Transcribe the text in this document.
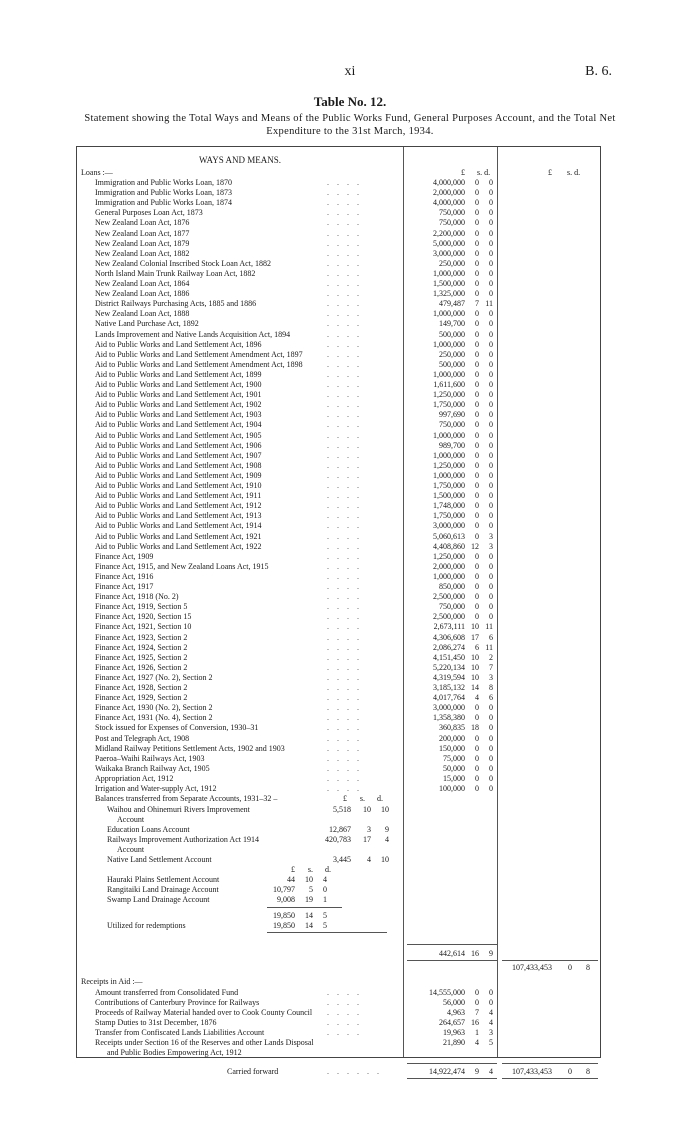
xi	B. 6.
Table No. 12.
Statement showing the Total Ways and Means of the Public Works Fund, General Purposes Account, and the Total Net Expenditure to the 31st March, 1934.
WAYS AND MEANS.
Loans :—	£ s. d.	£ s. d.
Immigration and Public Works Loan, 1870	. . . .	4,000,000	0	0
Immigration and Public Works Loan, 1873	. . . .	2,000,000	0	0
Immigration and Public Works Loan, 1874	. . . .	4,000,000	0	0
General Purposes Loan Act, 1873	. . . .	750,000	0	0
New Zealand Loan Act, 1876	. . . .	750,000	0	0
New Zealand Loan Act, 1877	. . . .	2,200,000	0	0
New Zealand Loan Act, 1879	. . . .	5,000,000	0	0
New Zealand Loan Act, 1882	. . . .	3,000,000	0	0
New Zealand Colonial Inscribed Stock Loan Act, 1882	. . . .	250,000	0	0
North Island Main Trunk Railway Loan Act, 1882	. . . .	1,000,000	0	0
New Zealand Loan Act, 1864	. . . .	1,500,000	0	0
New Zealand Loan Act, 1886	. . . .	1,325,000	0	0
District Railways Purchasing Acts, 1885 and 1886	. . . .	479,487	7 11
New Zealand Loan Act, 1888	. . . .	1,000,000	0	0
Native Land Purchase Act, 1892	. . . .	149,700	0	0
Lands Improvement and Native Lands Acquisition Act, 1894	. . . .	500,000	0	0
Aid to Public Works and Land Settlement Act, 1896	. . . .	1,000,000	0	0
Aid to Public Works and Land Settlement Amendment Act, 1897	. . . .	250,000	0	0
Aid to Public Works and Land Settlement Amendment Act, 1898	. . . .	500,000	0	0
Aid to Public Works and Land Settlement Act, 1899	. . . .	1,000,000	0	0
Aid to Public Works and Land Settlement Act, 1900	. . . .	1,611,600	0	0
Aid to Public Works and Land Settlement Act, 1901	. . . .	1,250,000	0	0
Aid to Public Works and Land Settlement Act, 1902	. . . .	1,750,000	0	0
Aid to Public Works and Land Settlement Act, 1903	. . . .	997,690	0	0
Aid to Public Works and Land Settlement Act, 1904	. . . .	750,000	0	0
Aid to Public Works and Land Settlement Act, 1905	. . . .	1,000,000	0	0
Aid to Public Works and Land Settlement Act, 1906	. . . .	989,700	0	0
Aid to Public Works and Land Settlement Act, 1907	. . . .	1,000,000	0	0
Aid to Public Works and Land Settlement Act, 1908	. . . .	1,250,000	0	0
Aid to Public Works and Land Settlement Act, 1909	. . . .	1,000,000	0	0
Aid to Public Works and Land Settlement Act, 1910	. . . .	1,750,000	0	0
Aid to Public Works and Land Settlement Act, 1911	. . . .	1,500,000	0	0
Aid to Public Works and Land Settlement Act, 1912	. . . .	1,748,000	0	0
Aid to Public Works and Land Settlement Act, 1913	. . . .	1,750,000	0	0
Aid to Public Works and Land Settlement Act, 1914	. . . .	3,000,000	0	0
Aid to Public Works and Land Settlement Act, 1921	. . . .	5,060,613	0	3
Aid to Public Works and Land Settlement Act, 1922	. . . .	4,408,860 12	3
Finance Act, 1909	. . . .	1,250,000	0	0
Finance Act, 1915, and New Zealand Loans Act, 1915	. . . .	2,000,000	0	0
Finance Act, 1916	. . . .	1,000,000	0	0
Finance Act, 1917	. . . .	850,000	0	0
Finance Act, 1918 (No. 2)	. . . .	2,500,000	0	0
Finance Act, 1919, Section 5	. . . .	750,000	0	0
Finance Act, 1920, Section 15	. . . .	2,500,000	0	0
Finance Act, 1921, Section 10	. . . .	2,673,111 10 11
Finance Act, 1923, Section 2	. . . .	4,306,608 17	6
Finance Act, 1924, Section 2	. . . .	2,086,274	6 11
Finance Act, 1925, Section 2	. . . .	4,151,450 10	2
Finance Act, 1926, Section 2	. . . .	5,220,134 10	7
Finance Act, 1927 (No. 2), Section 2	. . . .	4,319,594 10	3
Finance Act, 1928, Section 2	. . . .	3,185,132 14	8
Finance Act, 1929, Section 2	. . . .	4,017,764	4	6
Finance Act, 1930 (No. 2), Section 2	. . . .	3,000,000	0	0
Finance Act, 1931 (No. 4), Section 2	. . . .	1,358,380	0	0
Stock issued for Expenses of Conversion, 1930–31	. . . .	360,835 18	0
Post and Telegraph Act, 1908	. . . .	200,000	0	0
Midland Railway Petitions Settlement Acts, 1902 and 1903	. . . .	150,000	0	0
Paeroa–Waihi Railways Act, 1903	. . . .	75,000	0	0
Waikaka Branch Railway Act, 1905	. . . .	50,000	0	0
Appropriation Act, 1912	. . . .	15,000	0	0
Irrigation and Water-supply Act, 1912	. . . .	100,000	0	0
Balances transferred from Separate Accounts, 1931–32 –	£	s.	d.
Waihou and Ohinemuri Rivers Improvement	5,518	10	10
Account
Education Loans Account	12,867	3	9
Railways Improvement Authorization Act 1914	420,783	17	4
Account
Native Land Settlement Account	3,445	4	10
£	s.	d.
Hauraki Plains Settlement Account	44	10	4
Rangitaiki Land Drainage Account	10,797	5	0
Swamp Land Drainage Account	9,008	19	1
19,850	14	5
Utilized for redemptions	19,850	14	5
442,614 16	9
107,433,453	0	8
Receipts in Aid :—
Amount transferred from Consolidated Fund	. . . .	14,555,000	0	0
Contributions of Canterbury Province for Railways	. . . .	56,000	0	0
Proceeds of Railway Material handed over to Cook County Council . . . .	4,963	7	4
Stamp Duties to 31st December, 1876	. . . .	264,657 16	4
Transfer from Confiscated Lands Liabilities Account	. . . .	19,963	1	3
Receipts under Section 16 of the Reserves and other Lands Disposal	21,890	4	5
and Public Bodies Empowering Act, 1912
Carried forward	. . . . . .	14,922,474	9	4	107,433,453	0	8
